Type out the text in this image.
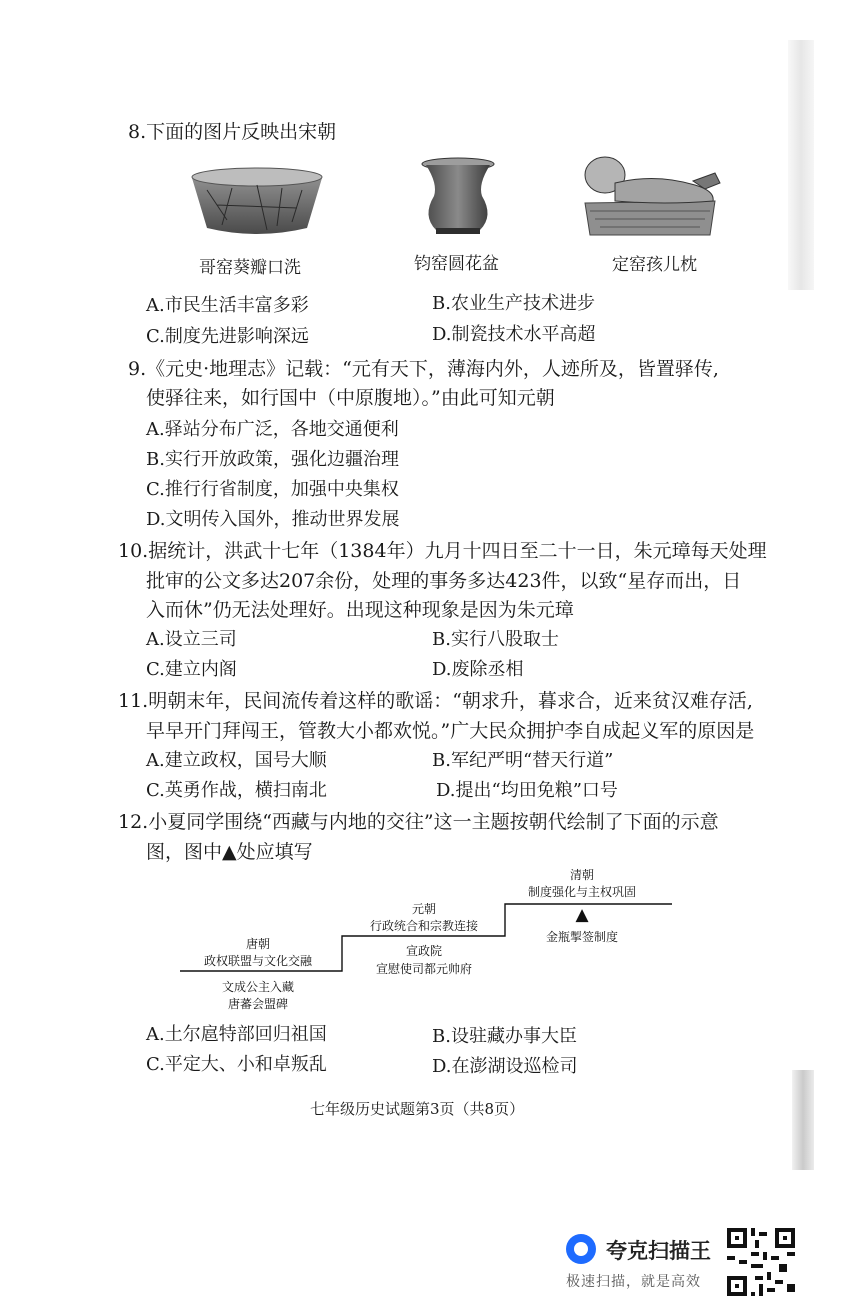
8.下面的图片反映出宋朝
哥窑葵瓣口洗	钧窑圆花盆	定窑孩儿枕
A.市民生活丰富多彩	B.农业生产技术进步
C.制度先进影响深远	D.制瓷技术水平高超
9.《元史·地理志》记载：“元有天下，薄海内外，人迹所及，皆置驿传,
使驿往来，如行国中（中原腹地）。”由此可知元朝
A.驿站分布广泛，各地交通便利
B.实行开放政策，强化边疆治理
C.推行行省制度，加强中央集权
D.文明传入国外，推动世界发展
10.据统计，洪武十七年（1384年）九月十四日至二十一日，朱元璋每天处理
批审的公文多达207余份，处理的事务多达423件，以致“星存而出，日
入而休”仍无法处理好。出现这种现象是因为朱元璋
A.设立三司	B.实行八股取士
C.建立内阁	D.废除丞相
11.明朝末年，民间流传着这样的歌谣：“朝求升，暮求合，近来贫汉难存活,
早早开门拜闯王，管教大小都欢悦。”广大民众拥护李自成起义军的原因是
A.建立政权，国号大顺	B.军纪严明“替天行道”
C.英勇作战，横扫南北	D.提出“均田免粮”口号
12.小夏同学围绕“西藏与内地的交往”这一主题按朝代绘制了下面的示意
图，图中▲处应填写
唐朝
政权联盟与文化交融
文成公主入藏
唐蕃会盟碑
元朝
行政统合和宗教连接
宣政院
宣慰使司都元帅府
清朝
制度强化与主权巩固
▲
金瓶掣签制度
A.土尔扈特部回归祖国	B.设驻藏办事大臣
C.平定大、小和卓叛乱	D.在澎湖设巡检司
七年级历史试题第3页（共8页）
夸克扫描王
极速扫描，就是高效
